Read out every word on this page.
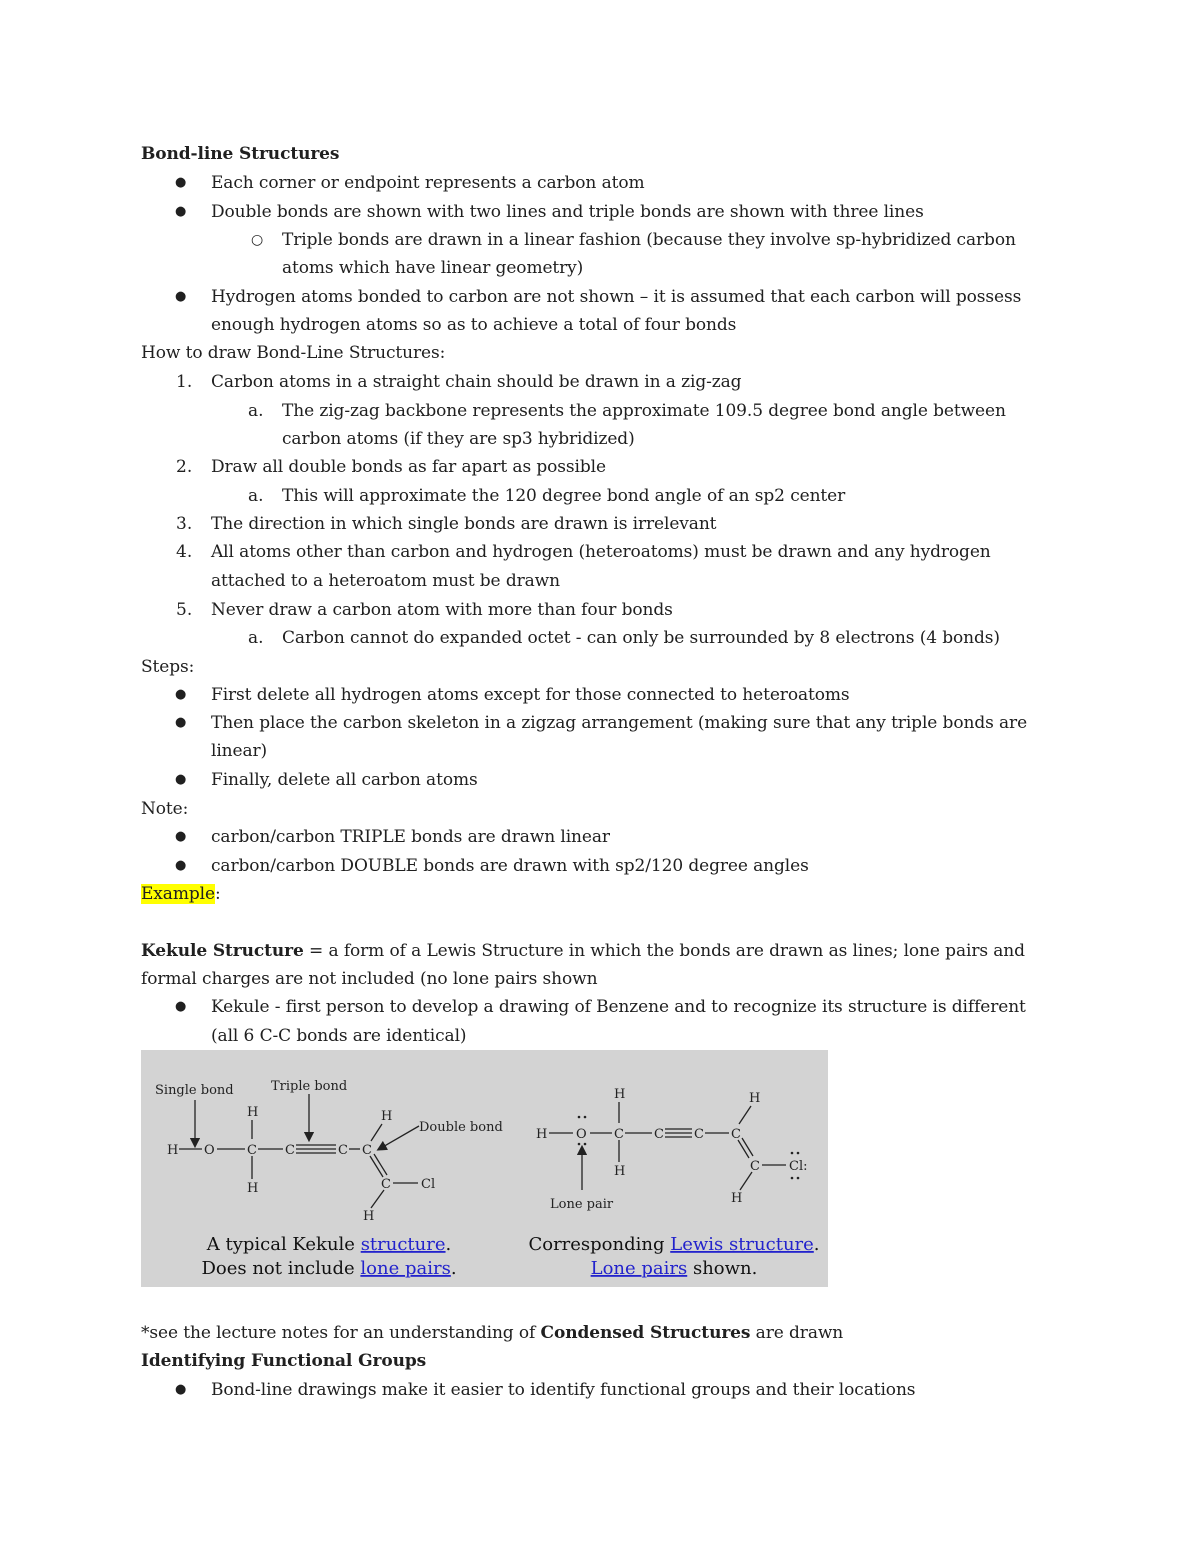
Bond-line Structures
● Each corner or endpoint represents a carbon atom
● Double bonds are shown with two lines and triple bonds are shown with three lines
○ Triple bonds are drawn in a linear fashion (because they involve sp-hybridized carbon
atoms which have linear geometry)
● Hydrogen atoms bonded to carbon are not shown – it is assumed that each carbon will possess
enough hydrogen atoms so as to achieve a total of four bonds
How to draw Bond-Line Structures:
1. Carbon atoms in a straight chain should be drawn in a zig-zag
a. The zig-zag backbone represents the approximate 109.5 degree bond angle between
carbon atoms (if they are sp3 hybridized)
2. Draw all double bonds as far apart as possible
a. This will approximate the 120 degree bond angle of an sp2 center
3. The direction in which single bonds are drawn is irrelevant
4. All atoms other than carbon and hydrogen (heteroatoms) must be drawn and any hydrogen
attached to a heteroatom must be drawn
5. Never draw a carbon atom with more than four bonds
a. Carbon cannot do expanded octet - can only be surrounded by 8 electrons (4 bonds)
Steps:
● First delete all hydrogen atoms except for those connected to heteroatoms
● Then place the carbon skeleton in a zigzag arrangement (making sure that any triple bonds are
linear)
● Finally, delete all carbon atoms
Note:
● carbon/carbon TRIPLE bonds are drawn linear
● carbon/carbon DOUBLE bonds are drawn with sp2/120 degree angles
Example:
Kekule Structure = a form of a Lewis Structure in which the bonds are drawn as lines; lone pairs and
formal charges are not included (no lone pairs shown
● Kekule - first person to develop a drawing of Benzene and to recognize its structure is different
(all 6 C-C bonds are identical)
Single bond	Triple bond
Double bond
H O C C	C C
H
H
H
C Cl
H
H O C C C C
H
H
H
C Cl:
H
Lone pair
A typical Kekule structure.
Does not include lone pairs.
Corresponding Lewis structure.
Lone pairs shown.
*see the lecture notes for an understanding of Condensed Structures are drawn
Identifying Functional Groups
● Bond-line drawings make it easier to identify functional groups and their locations
